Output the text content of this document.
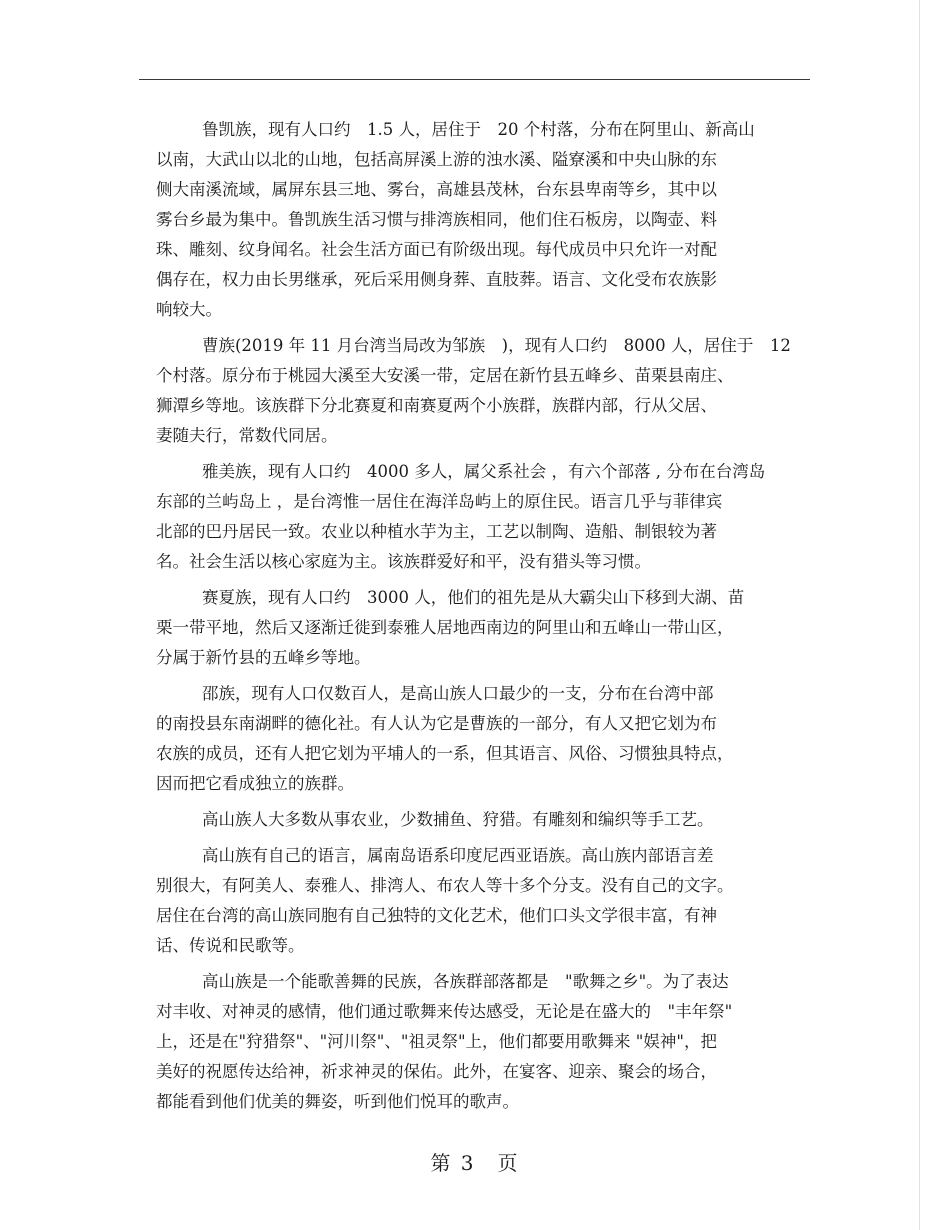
鲁凯族，现有人口约　1.5 人，居住于　20 个村落，分布在阿里山、新高山
以南，大武山以北的山地，包括高屏溪上游的浊水溪、隘寮溪和中央山脉的东
侧大南溪流域，属屏东县三地、雾台，高雄县茂林，台东县卑南等乡，其中以
雾台乡最为集中。鲁凯族生活习惯与排湾族相同，他们住石板房，以陶壶、料
珠、雕刻、纹身闻名。社会生活方面已有阶级出现。每代成员中只允许一对配
偶存在，权力由长男继承，死后采用侧身葬、直肢葬。语言、文化受布农族影
响较大。

曹族(2019 年 11 月台湾当局改为邹族　)，现有人口约　8000 人，居住于　12
个村落。原分布于桃园大溪至大安溪一带，定居在新竹县五峰乡、苗栗县南庄、
狮潭乡等地。该族群下分北赛夏和南赛夏两个小族群，族群内部，行从父居、
妻随夫行，常数代同居。

雅美族，现有人口约　4000 多人，属父系社会 ，有六个部落 , 分布在台湾岛
东部的兰屿岛上 ，是台湾惟一居住在海洋岛屿上的原住民。语言几乎与菲律宾
北部的巴丹居民一致。农业以种植水芋为主，工艺以制陶、造船、制银较为著
名。社会生活以核心家庭为主。该族群爱好和平，没有猎头等习惯。

赛夏族，现有人口约　3000 人，他们的祖先是从大霸尖山下移到大湖、苗
栗一带平地，然后又逐渐迁徙到泰雅人居地西南边的阿里山和五峰山一带山区，
分属于新竹县的五峰乡等地。

邵族，现有人口仅数百人，是高山族人口最少的一支，分布在台湾中部
的南投县东南湖畔的德化社。有人认为它是曹族的一部分，有人又把它划为布
农族的成员，还有人把它划为平埔人的一系，但其语言、风俗、习惯独具特点，
因而把它看成独立的族群。

高山族人大多数从事农业，少数捕鱼、狩猎。有雕刻和编织等手工艺。

高山族有自己的语言，属南岛语系印度尼西亚语族。高山族内部语言差
别很大，有阿美人、泰雅人、排湾人、布农人等十多个分支。没有自己的文字。
居住在台湾的高山族同胞有自己独特的文化艺术，他们口头文学很丰富，有神
话、传说和民歌等。

高山族是一个能歌善舞的民族，各族群部落都是　"歌舞之乡"。为了表达
对丰收、对神灵的感情，他们通过歌舞来传达感受，无论是在盛大的　"丰年祭"
上，还是在"狩猎祭"、"河川祭"、"祖灵祭"上，他们都要用歌舞来 "娱神"，把
美好的祝愿传达给神，祈求神灵的保佑。此外，在宴客、迎亲、聚会的场合，
都能看到他们优美的舞姿，听到他们悦耳的歌声。

第 3　页
